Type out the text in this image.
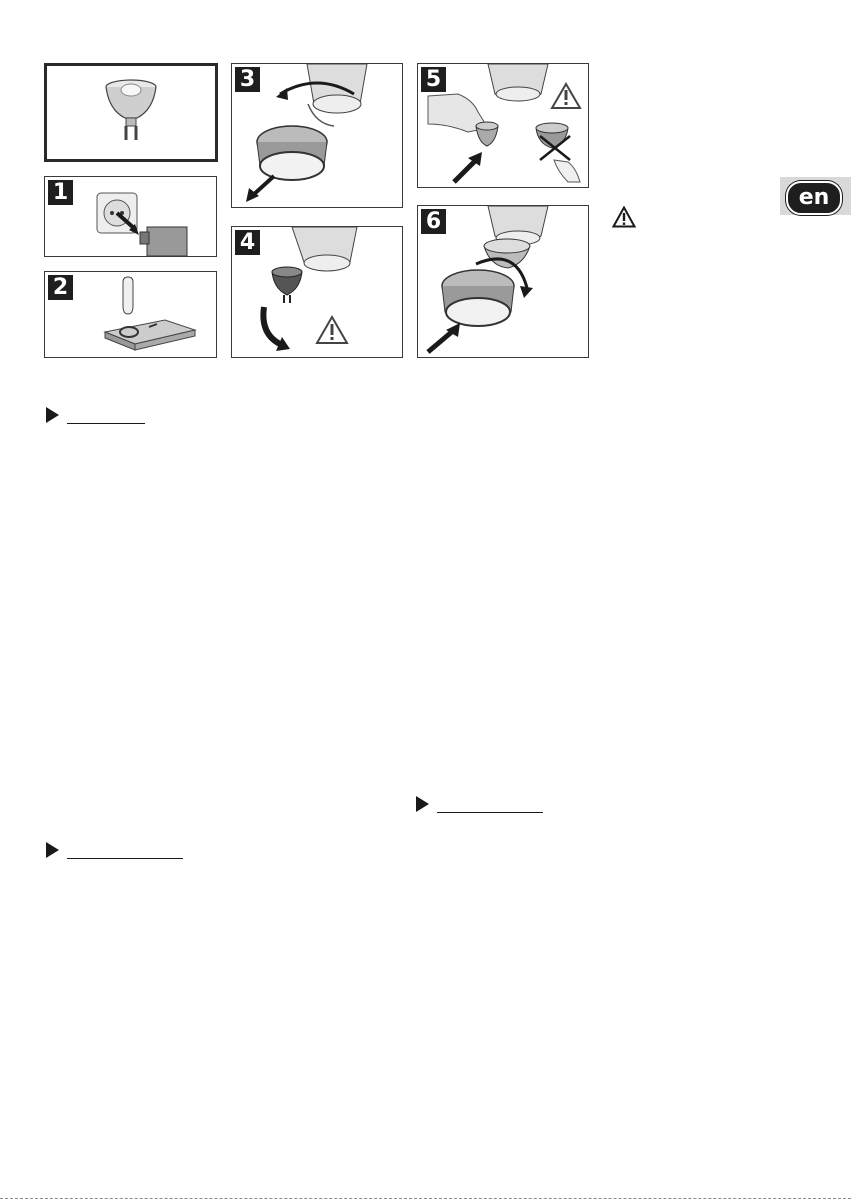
1
2
3
4
5
6
en
